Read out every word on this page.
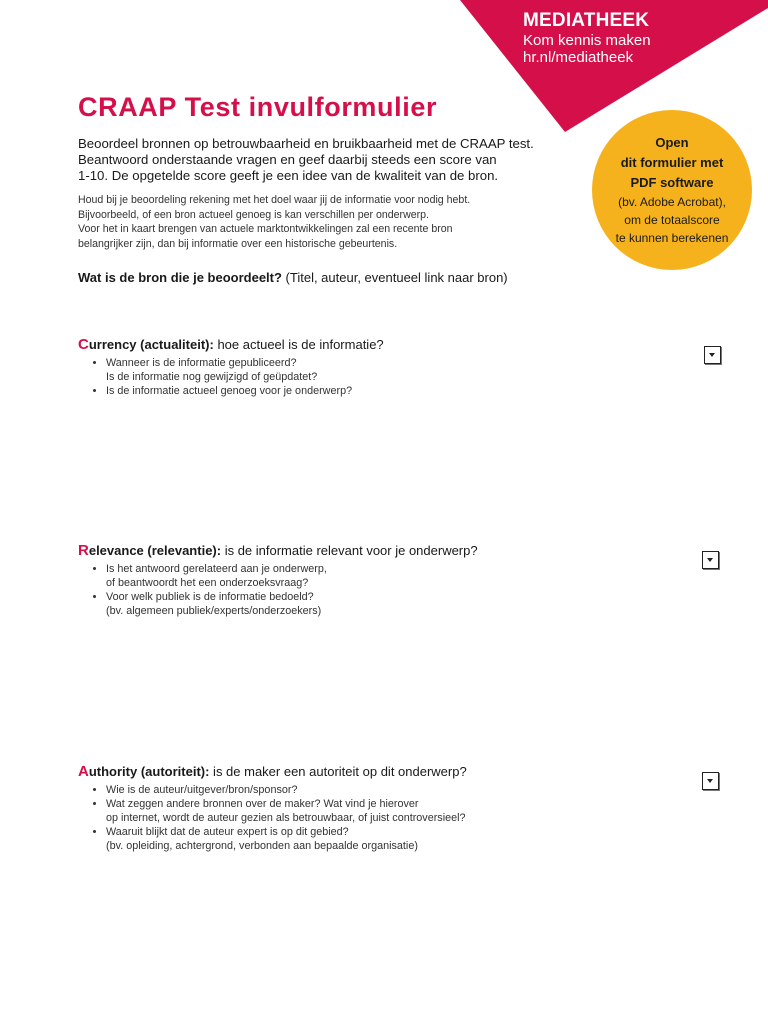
MEDIATHEEK
Kom kennis maken
hr.nl/mediatheek
Open
dit formulier met
PDF software
(bv. Adobe Acrobat),
om de totaalscore
te kunnen berekenen
CRAAP Test invulformulier

Beoordeel bronnen op betrouwbaarheid en bruikbaarheid met de CRAAP test.

Beantwoord onderstaande vragen en geef daarbij steeds een score van

1-10. De opgetelde score geeft je een idee van de kwaliteit van de bron.

Houd bij je beoordeling rekening met het doel waar jij de informatie voor nodig hebt.

Bijvoorbeeld, of een bron actueel genoeg is kan verschillen per onderwerp.

Voor het in kaart brengen van actuele marktontwikkelingen zal een recente bron

belangrijker zijn, dan bij informatie over een historische gebeurtenis.

Wat is de bron die je beoordeelt? (Titel, auteur, eventueel link naar bron)
Currency (actualiteit): hoe actueel is de informatie?
• Wanneer is de informatie gepubliceerd?
Is de informatie nog gewijzigd of geüpdatet?
• Is de informatie actueel genoeg voor je onderwerp?
Relevance (relevantie): is de informatie relevant voor je onderwerp?
• Is het antwoord gerelateerd aan je onderwerp,
of beantwoordt het een onderzoeksvraag?
• Voor welk publiek is de informatie bedoeld?
(bv. algemeen publiek/experts/onderzoekers)
Authority (autoriteit): is de maker een autoriteit op dit onderwerp?
• Wie is de auteur/uitgever/bron/sponsor?
• Wat zeggen andere bronnen over de maker? Wat vind je hierover
op internet, wordt de auteur gezien als betrouwbaar, of juist controversieel?
• Waaruit blijkt dat de auteur expert is op dit gebied?
(bv. opleiding, achtergrond, verbonden aan bepaalde organisatie)
